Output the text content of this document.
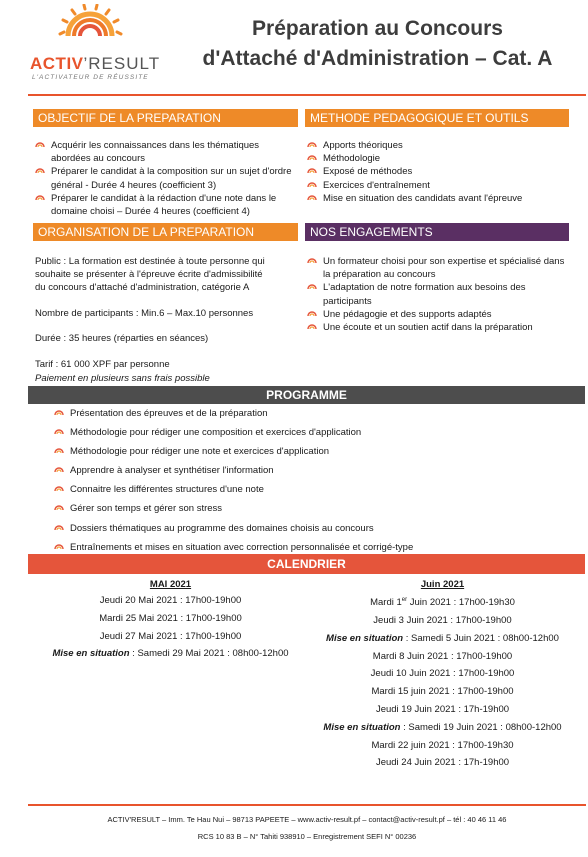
ACTIV’RESULT
L'ACTIVATEUR DE RÉUSSITE
Préparation au Concours
d'Attaché d'Administration – Cat. A
OBJECTIF DE LA PREPARATION
Acquérir les connaissances dans les thématiques abordées au concours
Préparer le candidat à la composition sur un sujet d'ordre général - Durée 4 heures (coefficient 3)
Préparer le candidat à la rédaction d'une note dans le domaine choisi – Durée 4 heures (coefficient 4)
METHODE PEDAGOGIQUE ET OUTILS
Apports théoriques
Méthodologie
Exposé de méthodes
Exercices d'entraînement
Mise en situation des candidats avant l'épreuve
ORGANISATION DE LA PREPARATION
Public : La formation est destinée à toute personne qui
souhaite se présenter à l'épreuve écrite d'admissibilité
du concours d'attaché d'administration, catégorie A
Nombre de participants : Min.6 – Max.10 personnes
Durée : 35 heures (réparties en séances)
Tarif : 61 000 XPF par personne
Paiement en plusieurs sans frais possible
NOS ENGAGEMENTS
Un formateur choisi pour son expertise et spécialisé dans la préparation au concours
L'adaptation de notre formation aux besoins des participants
Une pédagogie et des supports adaptés
Une écoute et un soutien actif dans la préparation
PROGRAMME
Présentation des épreuves et de la préparation
Méthodologie pour rédiger une composition et exercices d'application
Méthodologie pour rédiger une note et exercices d'application
Apprendre à analyser et synthétiser l'information
Connaitre les différentes structures d'une note
Gérer son temps et gérer son stress
Dossiers thématiques au programme des domaines choisis au concours
Entraînements et mises en situation avec correction personnalisée et corrigé-type
CALENDRIER
MAI 2021
Jeudi 20 Mai 2021 : 17h00-19h00
Mardi 25 Mai 2021 : 17h00-19h00
Jeudi 27 Mai 2021 : 17h00-19h00
Mise en situation : Samedi 29 Mai 2021 : 08h00-12h00
Juin 2021
Mardi 1er Juin 2021 : 17h00-19h30
Jeudi 3 Juin 2021 : 17h00-19h00
Mise en situation : Samedi 5 Juin 2021 : 08h00-12h00
Mardi 8 Juin 2021 : 17h00-19h00
Jeudi 10 Juin 2021 : 17h00-19h00
Mardi 15 juin 2021 : 17h00-19h00
Jeudi 19 Juin 2021 : 17h-19h00
Mise en situation : Samedi 19 Juin 2021 : 08h00-12h00
Mardi 22 juin 2021 : 17h00-19h30
Jeudi 24 Juin 2021 : 17h-19h00
ACTIV'RESULT – Imm. Te Hau Nui – 98713 PAPEETE – www.activ-result.pf – contact@activ-result.pf – tél : 40 46 11 46
RCS 10 83 B – N° Tahiti 938910 – Enregistrement SEFI N° 00236
